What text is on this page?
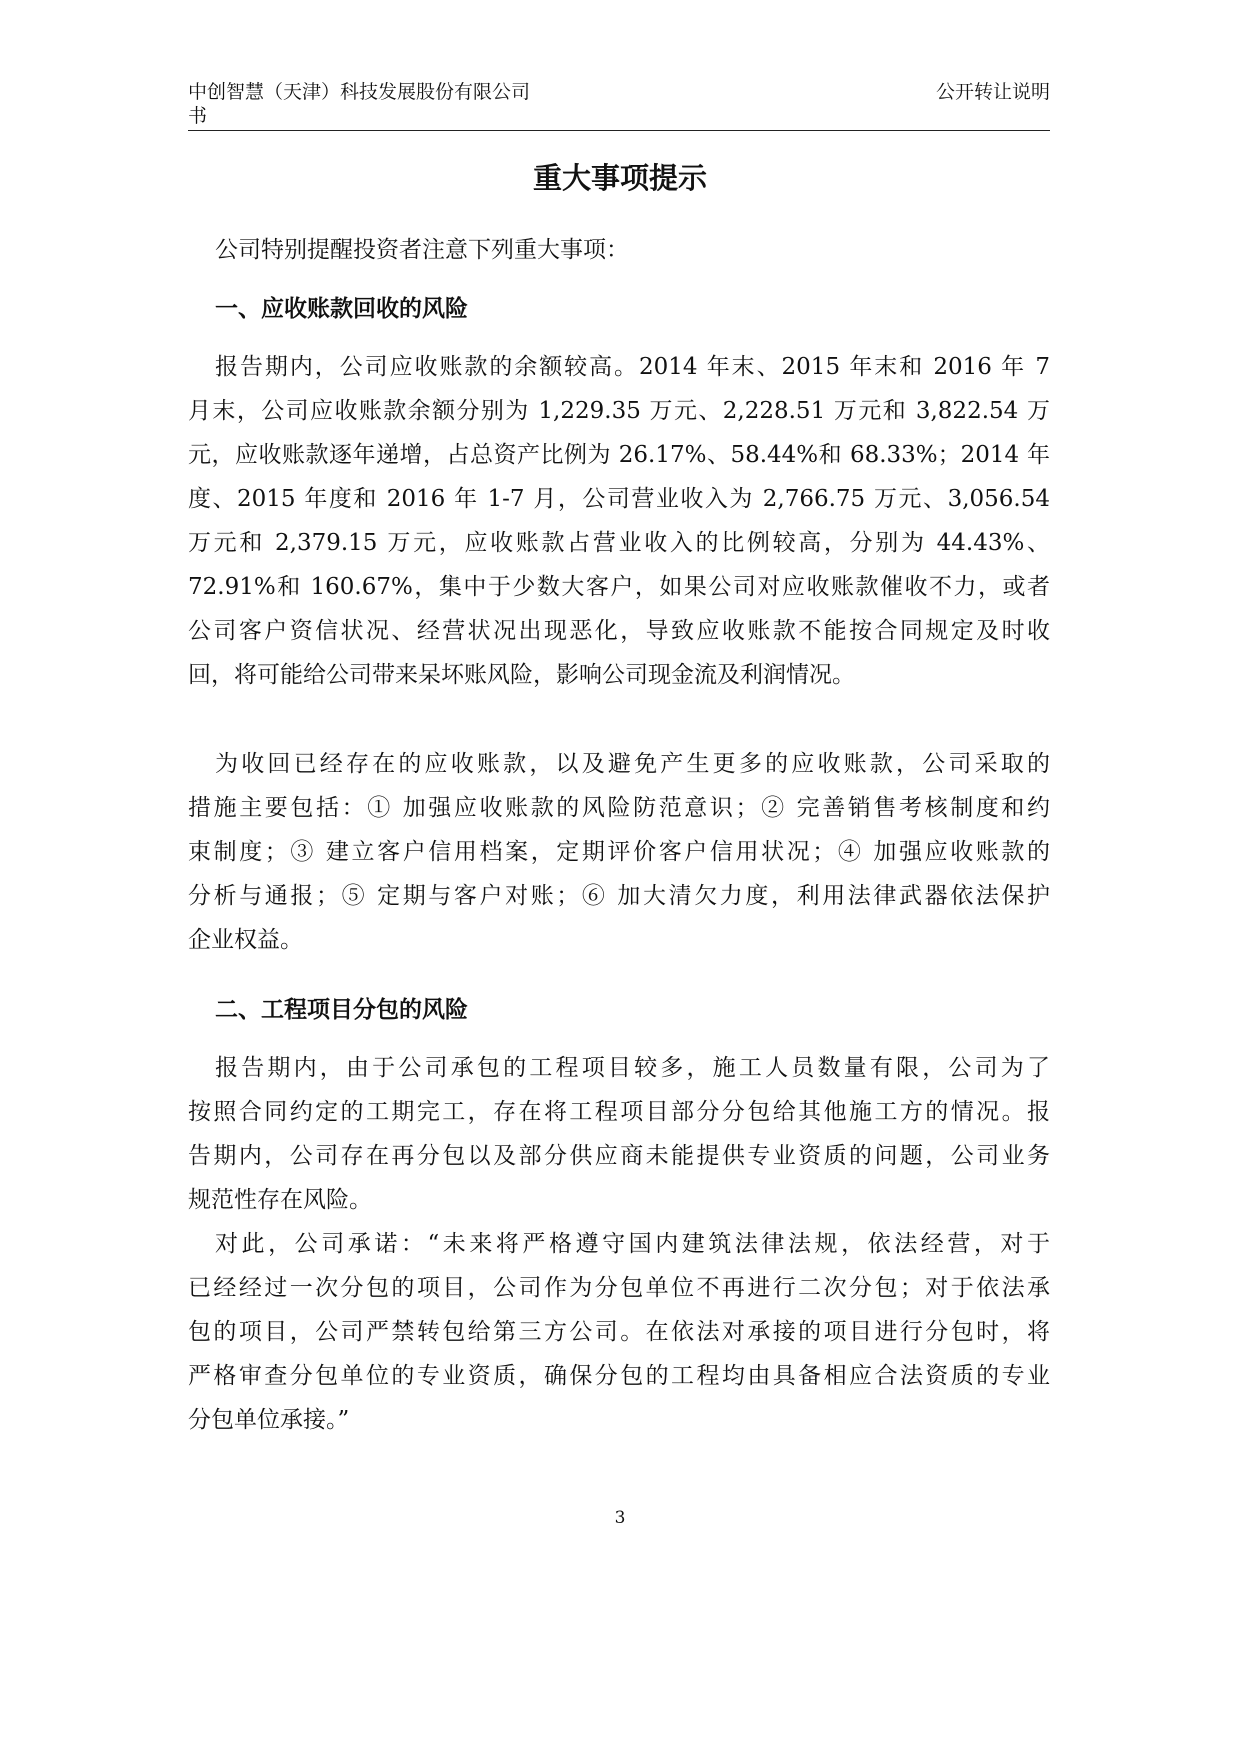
中创智慧（天津）科技发展股份有限公司
书
公开转让说明
重大事项提示
公司特别提醒投资者注意下列重大事项：
一、应收账款回收的风险
报告期内，公司应收账款的余额较高。2014 年末、2015 年末和 2016 年 7
月末，公司应收账款余额分别为 1,229.35 万元、2,228.51 万元和 3,822.54 万
元，应收账款逐年递增，占总资产比例为 26.17%、58.44%和 68.33%；2014 年
度、2015 年度和 2016 年 1-7 月，公司营业收入为 2,766.75 万元、3,056.54
万元和 2,379.15 万元，应收账款占营业收入的比例较高，分别为 44.43%、
72.91%和 160.67%，集中于少数大客户，如果公司对应收账款催收不力，或者
公司客户资信状况、经营状况出现恶化，导致应收账款不能按合同规定及时收
回，将可能给公司带来呆坏账风险，影响公司现金流及利润情况。
为收回已经存在的应收账款，以及避免产生更多的应收账款，公司采取的
措施主要包括：① 加强应收账款的风险防范意识；② 完善销售考核制度和约
束制度；③ 建立客户信用档案，定期评价客户信用状况；④ 加强应收账款的
分析与通报；⑤ 定期与客户对账；⑥ 加大清欠力度，利用法律武器依法保护
企业权益。
二、工程项目分包的风险
报告期内，由于公司承包的工程项目较多，施工人员数量有限，公司为了
按照合同约定的工期完工，存在将工程项目部分分包给其他施工方的情况。报
告期内，公司存在再分包以及部分供应商未能提供专业资质的问题，公司业务
规范性存在风险。
对此，公司承诺：“未来将严格遵守国内建筑法律法规，依法经营，对于
已经经过一次分包的项目，公司作为分包单位不再进行二次分包；对于依法承
包的项目，公司严禁转包给第三方公司。在依法对承接的项目进行分包时，将
严格审查分包单位的专业资质，确保分包的工程均由具备相应合法资质的专业
分包单位承接。”
3
